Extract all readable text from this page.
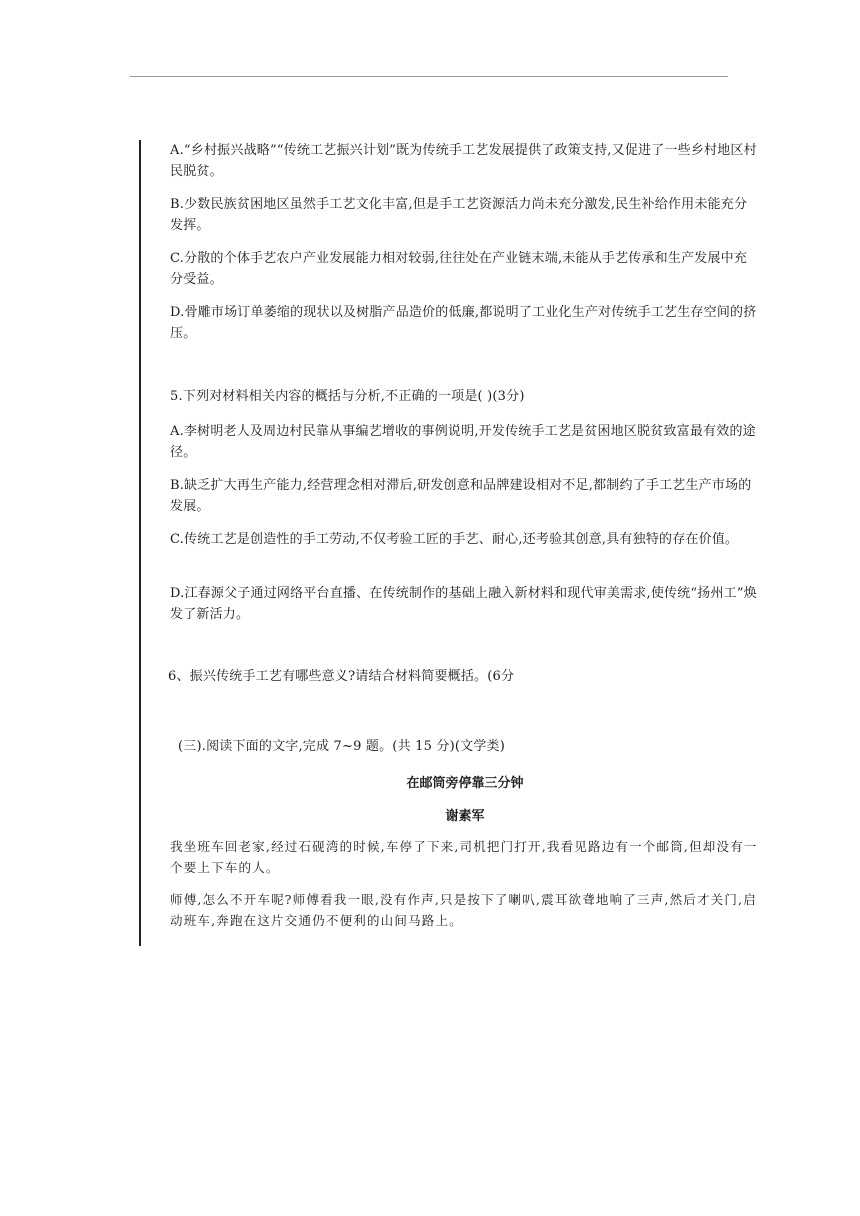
A.“乡村振兴战略”“传统工艺振兴计划”既为传统手工艺发展提供了政策支持,又促进了一些乡村地区村民脱贫。

B.少数民族贫困地区虽然手工艺文化丰富,但是手工艺资源活力尚未充分激发,民生补给作用未能充分发挥。

C.分散的个体手艺农户产业发展能力相对较弱,往往处在产业链末端,未能从手艺传承和生产发展中充分受益。

D.骨雕市场订单萎缩的现状以及树脂产品造价的低廉,都说明了工业化生产对传统手工艺生存空间的挤压。

5.下列对材料相关内容的概括与分析,不正确的一项是( )(3分)

A.李树明老人及周边村民靠从事编艺增收的事例说明,开发传统手工艺是贫困地区脱贫致富最有效的途径。

B.缺乏扩大再生产能力,经营理念相对滞后,研发创意和品牌建设相对不足,都制约了手工艺生产市场的发展。

C.传统工艺是创造性的手工劳动,不仅考验工匠的手艺、耐心,还考验其创意,具有独特的存在价值。

D.江春源父子通过网络平台直播、在传统制作的基础上融入新材料和现代审美需求,使传统“扬州工”焕发了新活力。

6、振兴传统手工艺有哪些意义?请结合材料简要概括。(6分

(三).阅读下面的文字,完成 7~9 题。(共 15 分)(文学类)

在邮筒旁停靠三分钟
谢素军

我坐班车回老家,经过石砚湾的时候,车停了下来,司机把门打开,我看见路边有一个邮筒,但却没有一个要上下车的人。

师傅,怎么不开车呢?师傅看我一眼,没有作声,只是按下了喇叭,震耳欲聋地响了三声,然后才关门,启动班车,奔跑在这片交通仍不便利的山间马路上。
